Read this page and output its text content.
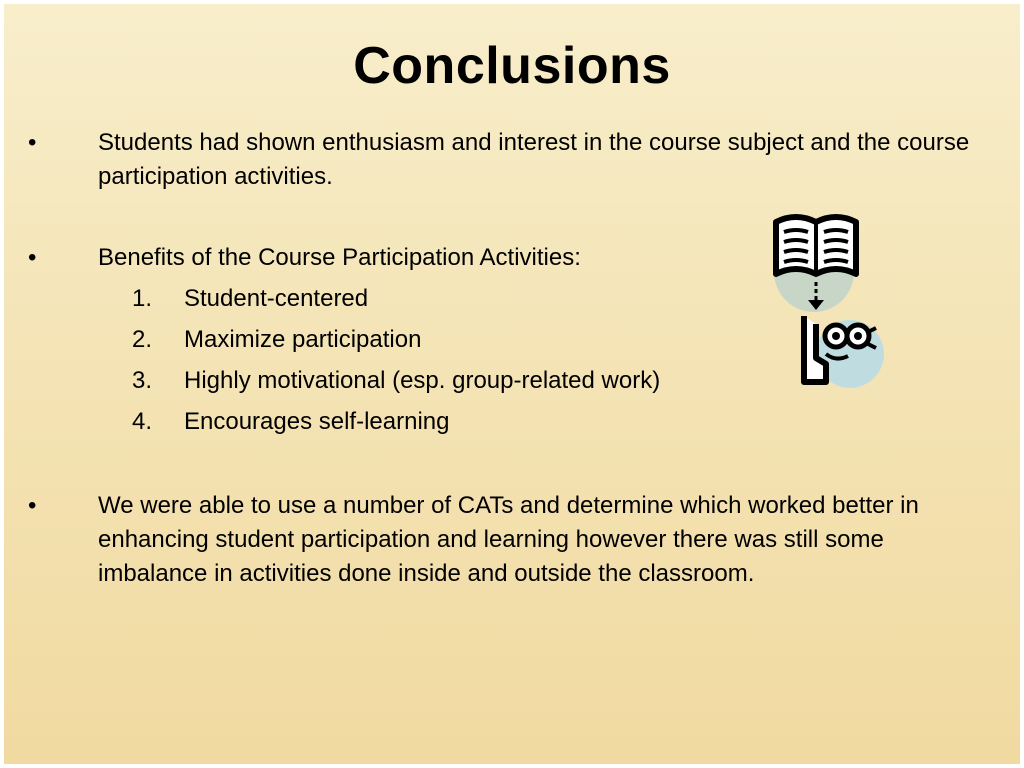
Conclusions
•	Students had shown enthusiasm and interest in the course subject and the course participation activities.
•	Benefits of the Course Participation Activities:
1. Student-centered
2. Maximize participation
3. Highly motivational (esp. group-related work)
4. Encourages self-learning
•	We were able to use a number of CATs and determine which worked better in enhancing student participation and learning however there was still some imbalance in activities done inside and outside the classroom.
